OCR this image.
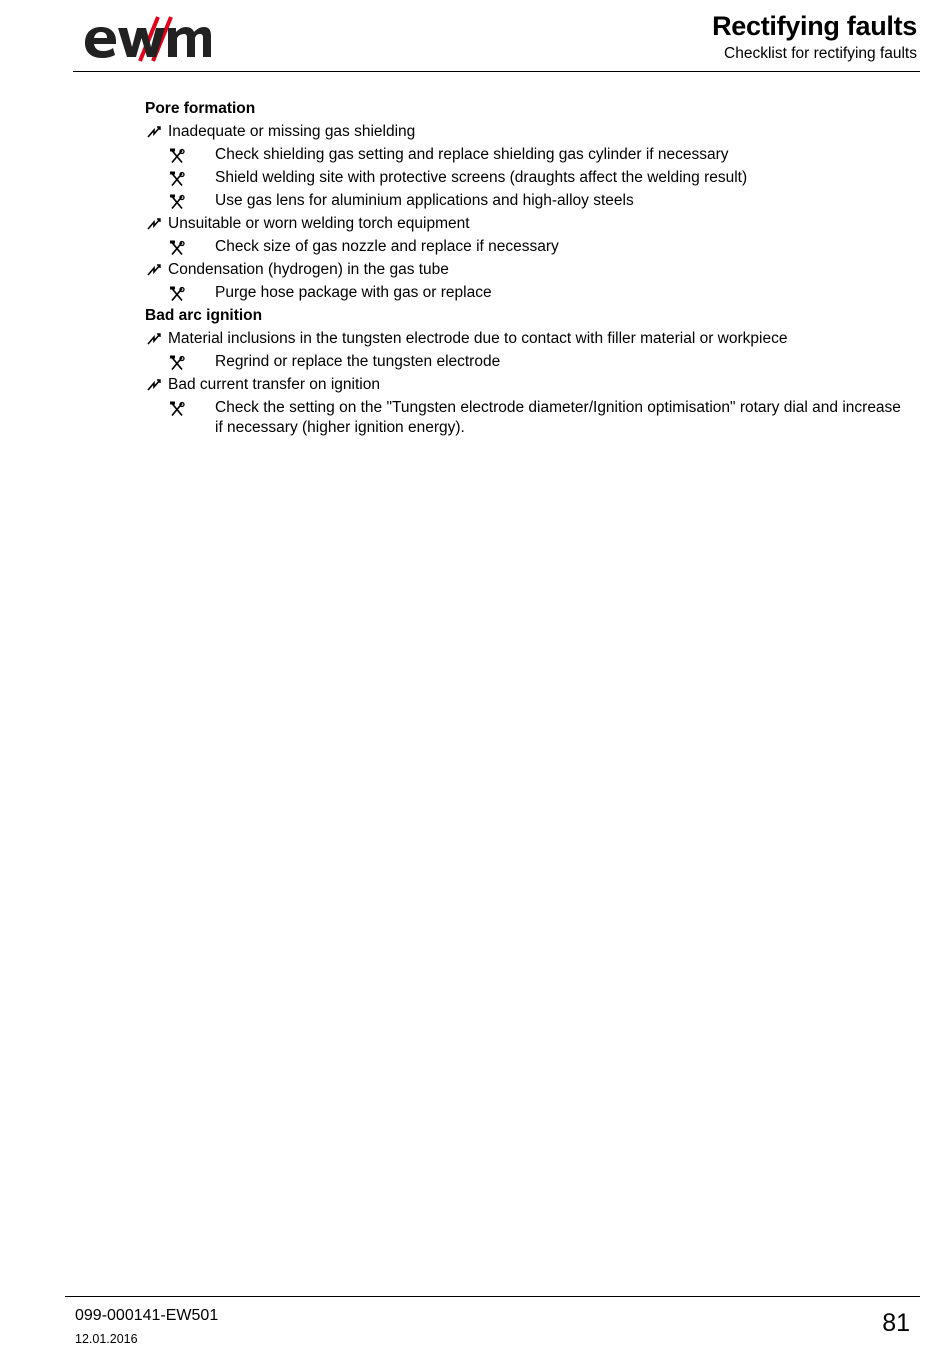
Rectifying faults
Checklist for rectifying faults
Pore formation
Inadequate or missing gas shielding
Check shielding gas setting and replace shielding gas cylinder if necessary
Shield welding site with protective screens (draughts affect the welding result)
Use gas lens for aluminium applications and high-alloy steels
Unsuitable or worn welding torch equipment
Check size of gas nozzle and replace if necessary
Condensation (hydrogen) in the gas tube
Purge hose package with gas or replace
Bad arc ignition
Material inclusions in the tungsten electrode due to contact with filler material or workpiece
Regrind or replace the tungsten electrode
Bad current transfer on ignition
Check the setting on the "Tungsten electrode diameter/Ignition optimisation" rotary dial and increase if necessary (higher ignition energy).
099-000141-EW501
12.01.2016
81
